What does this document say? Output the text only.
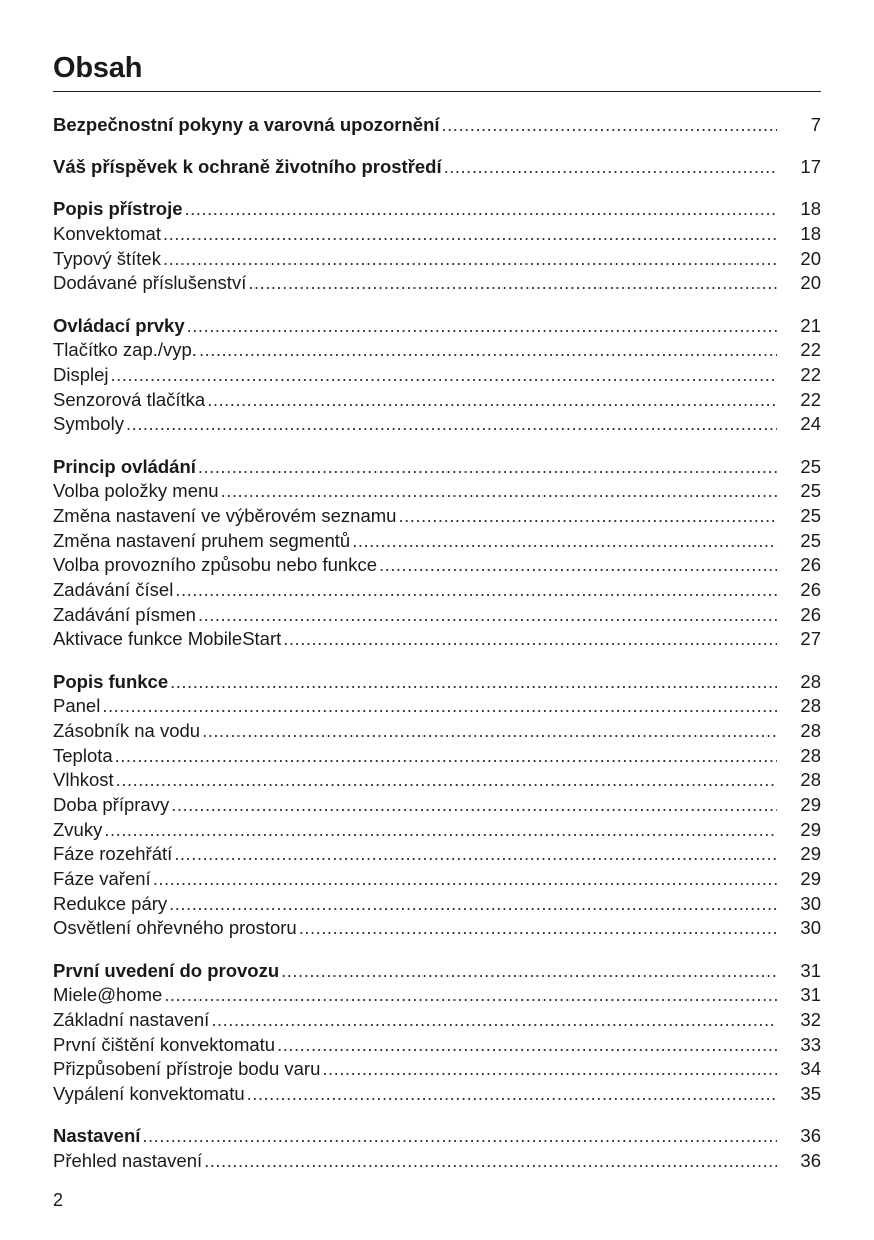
Obsah
Bezpečnostní pokyny a varovná upozornění .....	7
Váš příspěvek k ochraně životního prostředí .....	17
Popis přístroje .....	18
Konvektomat .....	18
Typový štítek .....	20
Dodávané příslušenství .....	20
Ovládací prvky .....	21
Tlačítko zap./vyp. .....	22
Displej .....	22
Senzorová tlačítka .....	22
Symboly .....	24
Princip ovládání .....	25
Volba položky menu .....	25
Změna nastavení ve výběrovém seznamu .....	25
Změna nastavení pruhem segmentů .....	25
Volba provozního způsobu nebo funkce .....	26
Zadávání čísel .....	26
Zadávání písmen .....	26
Aktivace funkce MobileStart .....	27
Popis funkce .....	28
Panel .....	28
Zásobník na vodu .....	28
Teplota .....	28
Vlhkost .....	28
Doba přípravy .....	29
Zvuky .....	29
Fáze rozehřátí .....	29
Fáze vaření .....	29
Redukce páry .....	30
Osvětlení ohřevného prostoru .....	30
První uvedení do provozu .....	31
Miele@home .....	31
Základní nastavení .....	32
První čištění konvektomatu .....	33
Přizpůsobení přístroje bodu varu .....	34
Vypálení konvektomatu .....	35
Nastavení .....	36
Přehled nastavení .....	36
2
